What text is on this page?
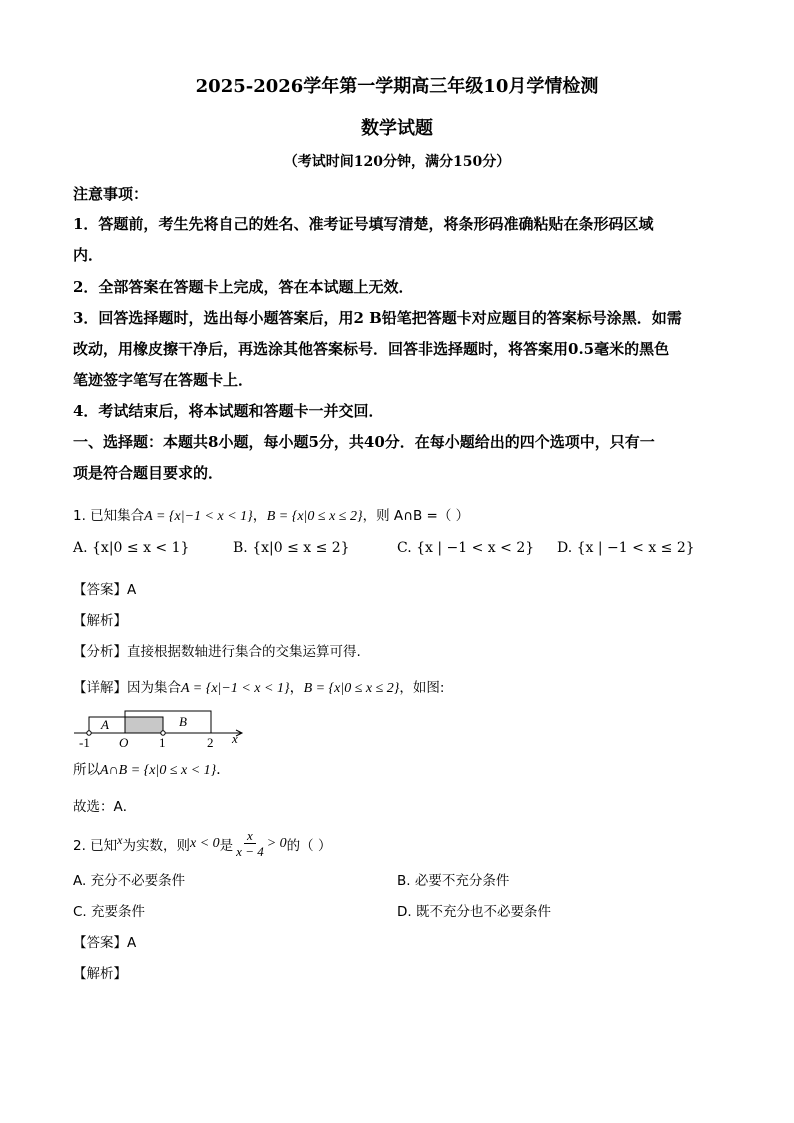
2025-2026学年第一学期高三年级10月学情检测
数学试题
（考试时间120分钟，满分150分）
注意事项：
1．答题前，考生先将自己的姓名、准考证号填写清楚，将条形码准确粘贴在条形码区域
内．
2．全部答案在答题卡上完成，答在本试题上无效．
3．回答选择题时，选出每小题答案后，用2 B铅笔把答题卡对应题目的答案标号涂黑．如需
改动，用橡皮擦干净后，再选涂其他答案标号．回答非选择题时，将答案用0.5毫米的黑色
笔迹签字笔写在答题卡上．
4．考试结束后，将本试题和答题卡一并交回．
一、选择题：本题共8小题，每小题5分，共40分．在每小题给出的四个选项中，只有一
项是符合题目要求的．
1. 已知集合A = {x|−1 < x < 1}，B = {x|0 ≤ x ≤ 2}，则 A∩B =（ ）
A. {x|0 ≤ x < 1}	B. {x|0 ≤ x ≤ 2}	C. {x | −1 < x < 2} D. {x | −1 < x ≤ 2}
【答案】A
【解析】
【分析】直接根据数轴进行集合的交集运算可得.
【详解】因为集合A = {x|−1 < x < 1}，B = {x|0 ≤ x ≤ 2}，如图:
A	B
-1 O 1	2 x
所以A∩B = {x|0 ≤ x < 1}．
故选：A．
2. 已知 x 为实数，则 x < 0 是 $\frac{x}{x - 4} > 0$ 的（ ）
A. 充分不必要条件	B. 必要不充分条件
C. 充要条件	D. 既不充分也不必要条件
【答案】A
【解析】
